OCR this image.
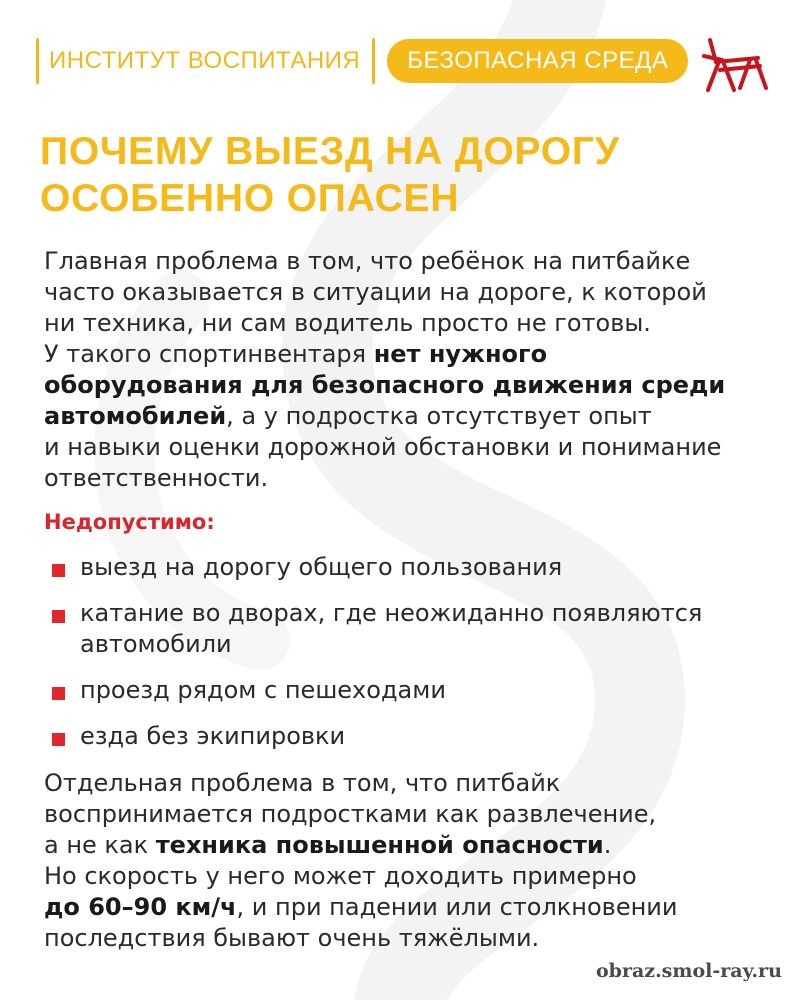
ИНСТИТУТ ВОСПИТАНИЯ	БЕЗОПАСНАЯ СРЕДА
ПОЧЕМУ ВЫЕЗД НА ДОРОГУ
ОСОБЕННО ОПАСЕН

Главная проблема в том, что ребёнок на питбайке
часто оказывается в ситуации на дороге, к которой
ни техника, ни сам водитель просто не готовы.
У такого спортинвентаря нет нужного
оборудования для безопасного движения среди
автомобилей, а у подростка отсутствует опыт
и навыки оценки дорожной обстановки и понимание
ответственности.

Недопустимо:
выезд на дорогу общего пользования
катание во дворах, где неожиданно появляются
автомобили
проезд рядом с пешеходами
езда без экипировки

Отдельная проблема в том, что питбайк
воспринимается подростками как развлечение,
а не как техника повышенной опасности.
Но скорость у него может доходить примерно
до 60–90 км/ч, и при падении или столкновении
последствия бывают очень тяжёлыми.

obraz.smol-ray.ru
